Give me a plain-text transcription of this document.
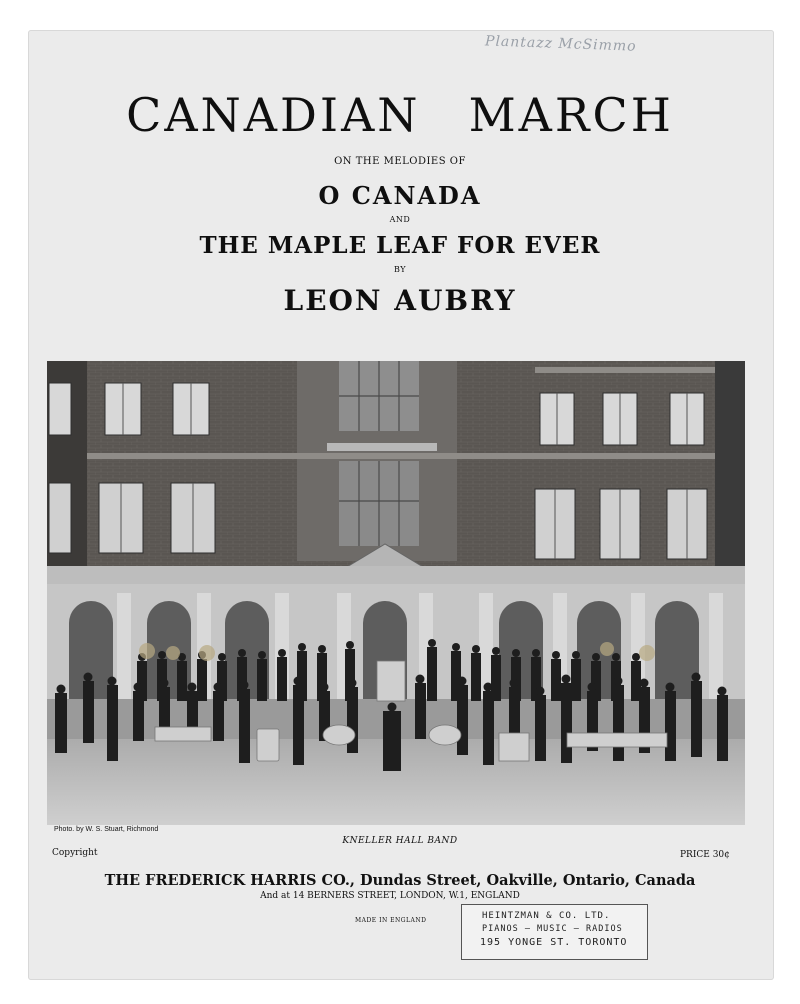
Plantazz McSimmo
CANADIAN MARCH
ON THE MELODIES OF
O CANADA
AND
THE MAPLE LEAF FOR EVER
BY
LEON AUBRY
Photo. by W. S. Stuart, Richmond
KNELLER HALL BAND
Copyright	PRICE 30¢
THE FREDERICK HARRIS CO., Dundas Street, Oakville, Ontario, Canada
And at 14 BERNERS STREET, LONDON, W.1, ENGLAND
MADE IN ENGLAND	HEINTZMAN & CO. LTD.
PIANOS — MUSIC — RADIOS
195 YONGE ST. TORONTO
